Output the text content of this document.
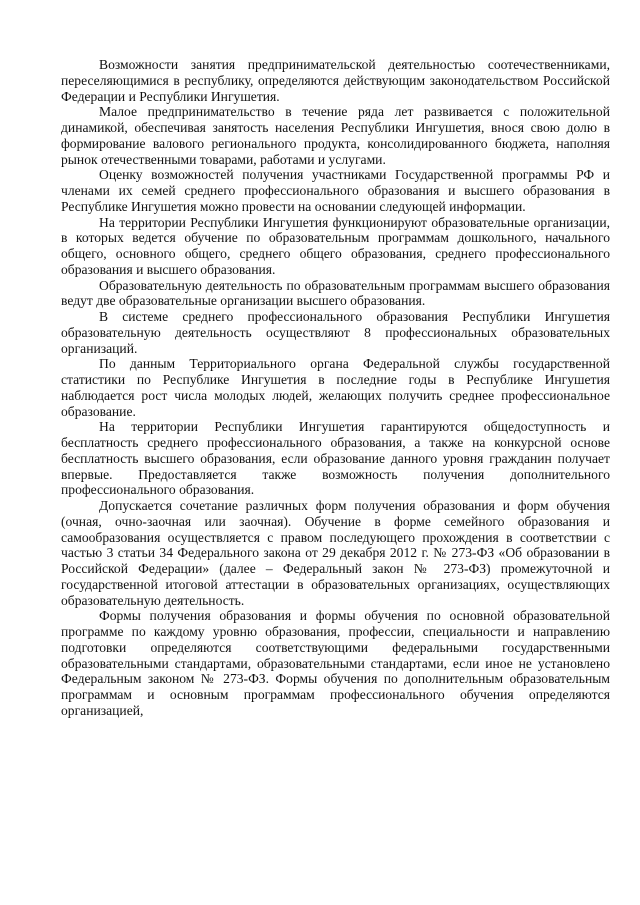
Возможности занятия предпринимательской деятельностью соотечественниками, переселяющимися в республику, определяются действующим законодательством Российской Федерации и Республики Ингушетия.

Малое предпринимательство в течение ряда лет развивается с положительной динамикой, обеспечивая занятость населения Республики Ингушетия, внося свою долю в формирование валового регионального продукта, консолидированного бюджета, наполняя рынок отечественными товарами, работами и услугами.

Оценку возможностей получения участниками Государственной программы РФ и членами их семей среднего профессионального образования и высшего образования в Республике Ингушетия можно провести на основании следующей информации.

На территории Республики Ингушетия функционируют образовательные организации, в которых ведется обучение по образовательным программам дошкольного, начального общего, основного общего, среднего общего образования, среднего профессионального образования и высшего образования.

Образовательную деятельность по образовательным программам высшего образования ведут две образовательные организации высшего образования.

В системе среднего профессионального образования Республики Ингушетия образовательную деятельность осуществляют 8 профессиональных образовательных организаций.

По данным Территориального органа Федеральной службы государственной статистики по Республике Ингушетия в последние годы в Республике Ингушетия наблюдается рост числа молодых людей, желающих получить среднее профессиональное образование.

На территории Республики Ингушетия гарантируются общедоступность и бесплатность среднего профессионального образования, а также на конкурсной основе бесплатность высшего образования, если образование данного уровня гражданин получает впервые. Предоставляется также возможность получения дополнительного профессионального образования.

Допускается сочетание различных форм получения образования и форм обучения (очная, очно-заочная или заочная). Обучение в форме семейного образования и самообразования осуществляется с правом последующего прохождения в соответствии с частью 3 статьи 34 Федерального закона от 29 декабря 2012 г. № 273-ФЗ «Об образовании в Российской Федерации» (далее – Федеральный закон № 273-ФЗ) промежуточной и государственной итоговой аттестации в образовательных организациях, осуществляющих образовательную деятельность.

Формы получения образования и формы обучения по основной образовательной программе по каждому уровню образования, профессии, специальности и направлению подготовки определяются соответствующими федеральными государственными образовательными стандартами, образовательными стандартами, если иное не установлено Федеральным законом № 273-ФЗ. Формы обучения по дополнительным образовательным программам и основным программам профессионального обучения определяются организацией,
